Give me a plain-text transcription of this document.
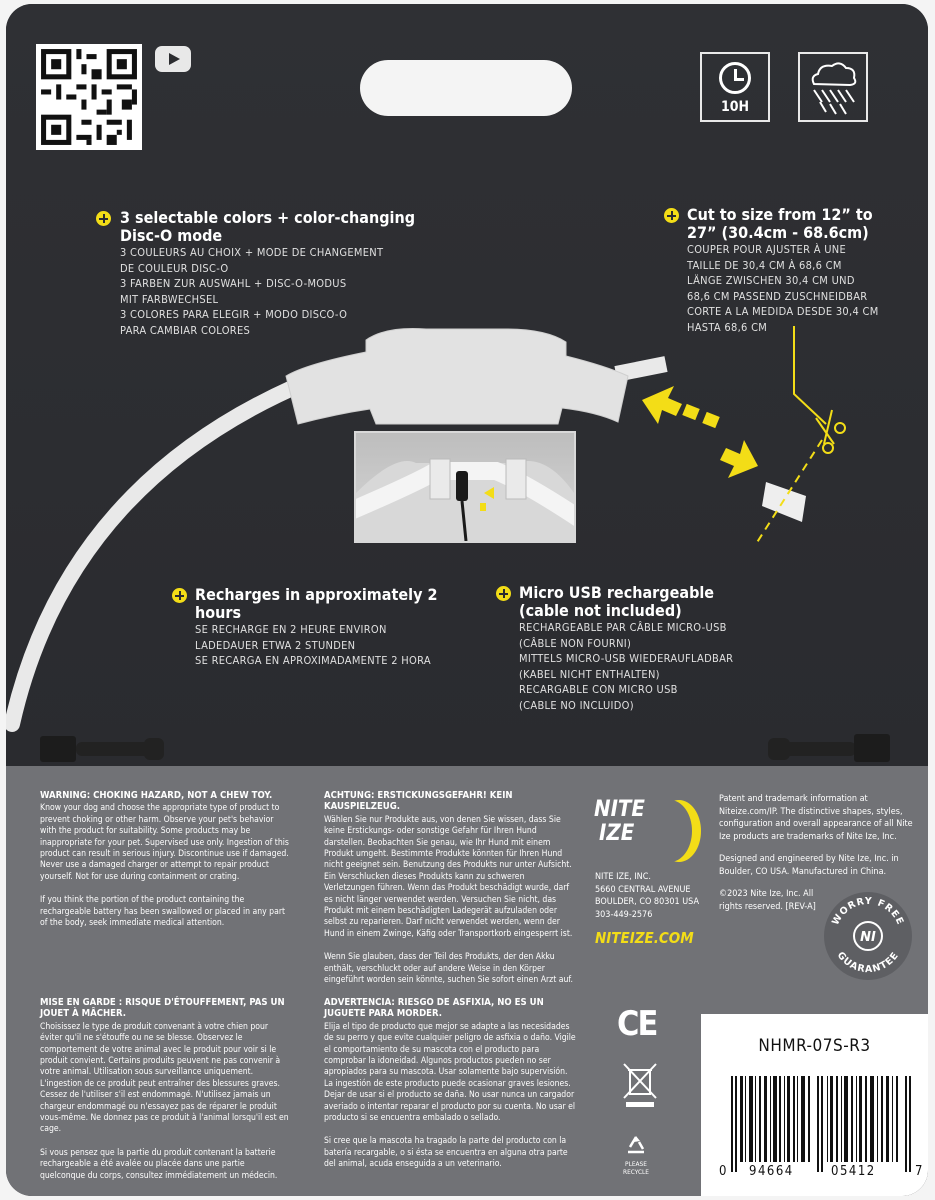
10H
3 selectable colors + color-changing Disc-O mode
3 COULEURS AU CHOIX + MODE DE CHANGEMENT
DE COULEUR DISC-O
3 FARBEN ZUR AUSWAHL + DISC-O-MODUS
MIT FARBWECHSEL
3 COLORES PARA ELEGIR + MODO DISCO-O
PARA CAMBIAR COLORES
Cut to size from 12” to 27” (30.4cm - 68.6cm)
COUPER POUR AJUSTER À UNE
TAILLE DE 30,4 CM À 68,6 CM
LÄNGE ZWISCHEN 30,4 CM UND
68,6 CM PASSEND ZUSCHNEIDBAR
CORTE A LA MEDIDA DESDE 30,4 CM
HASTA 68,6 CM
Recharges in approximately 2 hours
SE RECHARGE EN 2 HEURE ENVIRON
LADEDAUER ETWA 2 STUNDEN
SE RECARGA EN APROXIMADAMENTE 2 HORA
Micro USB rechargeable (cable not included)
RECHARGEABLE PAR CÂBLE MICRO-USB
(CÂBLE NON FOURNI)
MITTELS MICRO-USB WIEDERAUFLADBAR
(KABEL NICHT ENTHALTEN)
RECARGABLE CON MICRO USB
(CABLE NO INCLUIDO)
WARNING: CHOKING HAZARD, NOT A CHEW TOY.

Know your dog and choose the appropriate type of product to prevent choking or other harm. Observe your pet's behavior with the product for suitability. Some products may be inappropriate for your pet. Supervised use only. Ingestion of this product can result in serious injury. Discontinue use if damaged. Never use a damaged charger or attempt to repair product yourself. Not for use during containment or crating.

If you think the portion of the product containing the rechargeable battery has been swallowed or placed in any part of the body, seek immediate medical attention.

MISE EN GARDE : RISQUE D'ÉTOUFFEMENT, PAS UN JOUET À MÂCHER.

Choisissez le type de produit convenant à votre chien pour éviter qu'il ne s'étouffe ou ne se blesse. Observez le comportement de votre animal avec le produit pour voir si le produit convient. Certains produits peuvent ne pas convenir à votre animal. Utilisation sous surveillance uniquement. L'ingestion de ce produit peut entraîner des blessures graves. Cessez de l'utiliser s'il est endommagé. N'utilisez jamais un chargeur endommagé ou n'essayez pas de réparer le produit vous-même. Ne donnez pas ce produit à l'animal lorsqu'il est en cage.

Si vous pensez que la partie du produit contenant la batterie rechargeable a été avalée ou placée dans une partie quelconque du corps, consultez immédiatement un médecin.

ACHTUNG: ERSTICKUNGSGEFAHR! KEIN KAUSPIELZEUG.

Wählen Sie nur Produkte aus, von denen Sie wissen, dass Sie keine Erstickungs- oder sonstige Gefahr für Ihren Hund darstellen. Beobachten Sie genau, wie Ihr Hund mit einem Produkt umgeht. Bestimmte Produkte könnten für Ihren Hund nicht geeignet sein. Benutzung des Produkts nur unter Aufsicht. Ein Verschlucken dieses Produkts kann zu schweren Verletzungen führen. Wenn das Produkt beschädigt wurde, darf es nicht länger verwendet werden. Versuchen Sie nicht, das Produkt mit einem beschädigten Ladegerät aufzuladen oder selbst zu reparieren. Darf nicht verwendet werden, wenn der Hund in einem Zwinge, Käfig oder Transportkorb eingesperrt ist.

Wenn Sie glauben, dass der Teil des Produkts, der den Akku enthält, verschluckt oder auf andere Weise in den Körper eingeführt worden sein könnte, suchen Sie sofort einen Arzt auf.

ADVERTENCIA: RIESGO DE ASFIXIA, NO ES UN JUGUETE PARA MORDER.

Elija el tipo de producto que mejor se adapte a las necesidades de su perro y que evite cualquier peligro de asfixia o daño. Vigile el comportamiento de su mascota con el producto para comprobar la idoneidad. Algunos productos pueden no ser apropiados para su mascota. Usar solamente bajo supervisión. La ingestión de este producto puede ocasionar graves lesiones. Dejar de usar si el producto se daña. No usar nunca un cargador averiado o intentar reparar el producto por su cuenta. No usar el producto si se encuentra embalado o sellado.

Si cree que la mascota ha tragado la parte del producto con la batería recargable, o si ésta se encuentra en alguna otra parte del animal, acuda enseguida a un veterinario.

NITE
IZE
NITE IZE, INC.
5660 CENTRAL AVENUE
BOULDER, CO 80301 USA
303-449-2576
NITEIZE.COM

Patent and trademark information at Niteize.com/IP. The distinctive shapes, styles, configuration and overall appearance of all Nite Ize products are trademarks of Nite Ize, Inc.

Designed and engineered by Nite Ize, Inc. in Boulder, CO USA. Manufactured in China.

©2023 Nite Ize, Inc. All rights reserved. [REV-A]

WORRY FREE
GUARANTEE
NI
CE
PLEASE RECYCLE
NHMR-07S-R3
0 94664	05412	7
